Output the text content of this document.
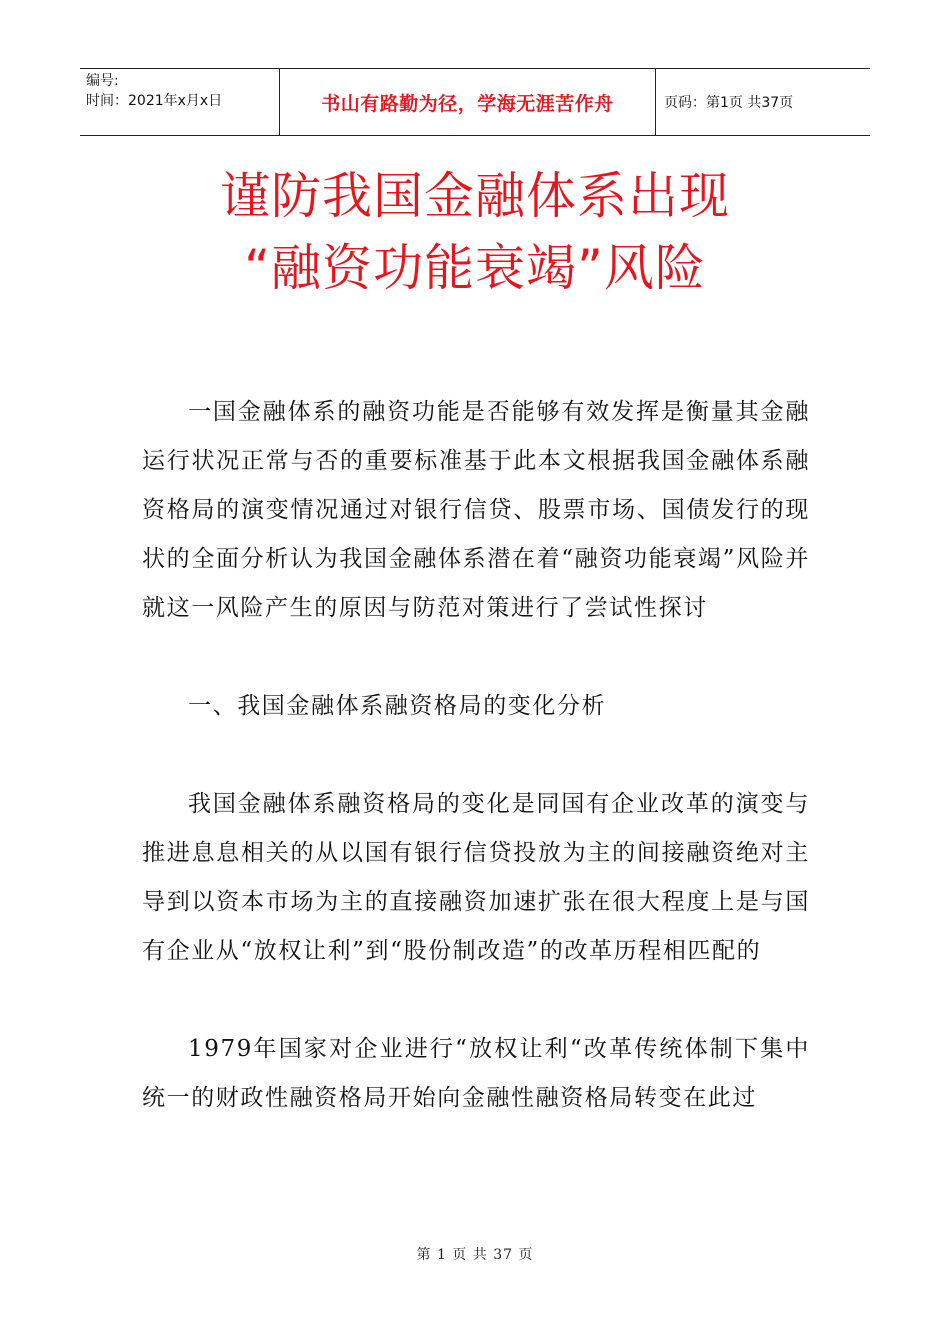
编号:
时间：2021年x月x日	书山有路勤为径，学海无涯苦作舟	页码：第1页 共37页
谨防我国金融体系出现
“融资功能衰竭”风险

一国金融体系的融资功能是否能够有效发挥是衡量其金融运行状况正常与否的重要标准基于此本文根据我国金融体系融资格局的演变情况通过对银行信贷、股票市场、国债发行的现状的全面分析认为我国金融体系潜在着“融资功能衰竭”风险并就这一风险产生的原因与防范对策进行了尝试性探讨

一、我国金融体系融资格局的变化分析

我国金融体系融资格局的变化是同国有企业改革的演变与推进息息相关的从以国有银行信贷投放为主的间接融资绝对主导到以资本市场为主的直接融资加速扩张在很大程度上是与国有企业从“放权让利”到“股份制改造”的改革历程相匹配的

1979年国家对企业进行“放权让利“改革传统体制下集中统一的财政性融资格局开始向金融性融资格局转变在此过

第 1 页 共 37 页
